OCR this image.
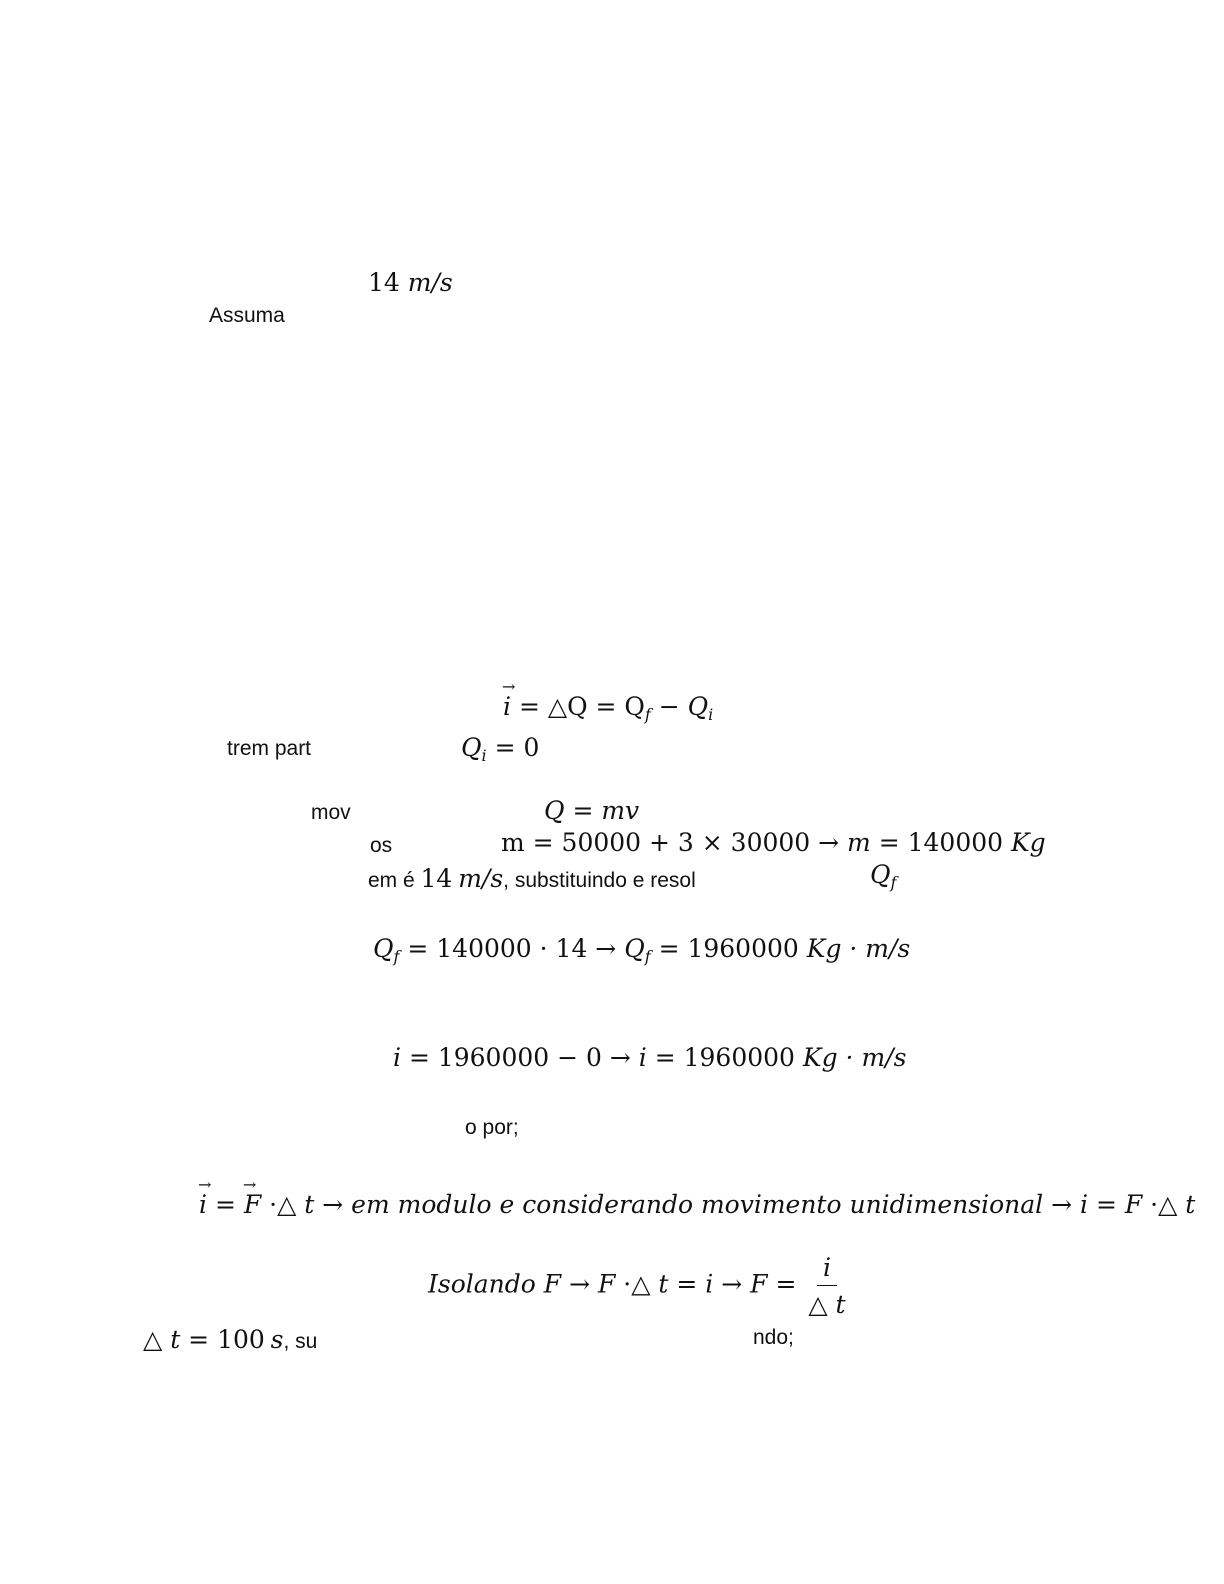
14 m/s
Assuma
→ i = △Q = $Q_f - Q_i$
trem part	$Q_i = 0$
mov	Q = mv
os	m = 50000 + 3 × 30000 → m = 140000 Kg
em é 14 m/s, substituindo e resol	$Q_f$
$Q_f = 140000 \cdot 14 \to Q_f = 1960000$ Kg · m/s
i = 1960000 − 0 → i = 1960000 Kg · m/s
o por;
→ i = → F ·△ t → em modulo e considerando movimento unidimensional → i = F ·△ t
Isolando F → F ·△ $t = i \to F = \frac{i}{\triangle t}$
△ t = 100 s, su	ndo;
